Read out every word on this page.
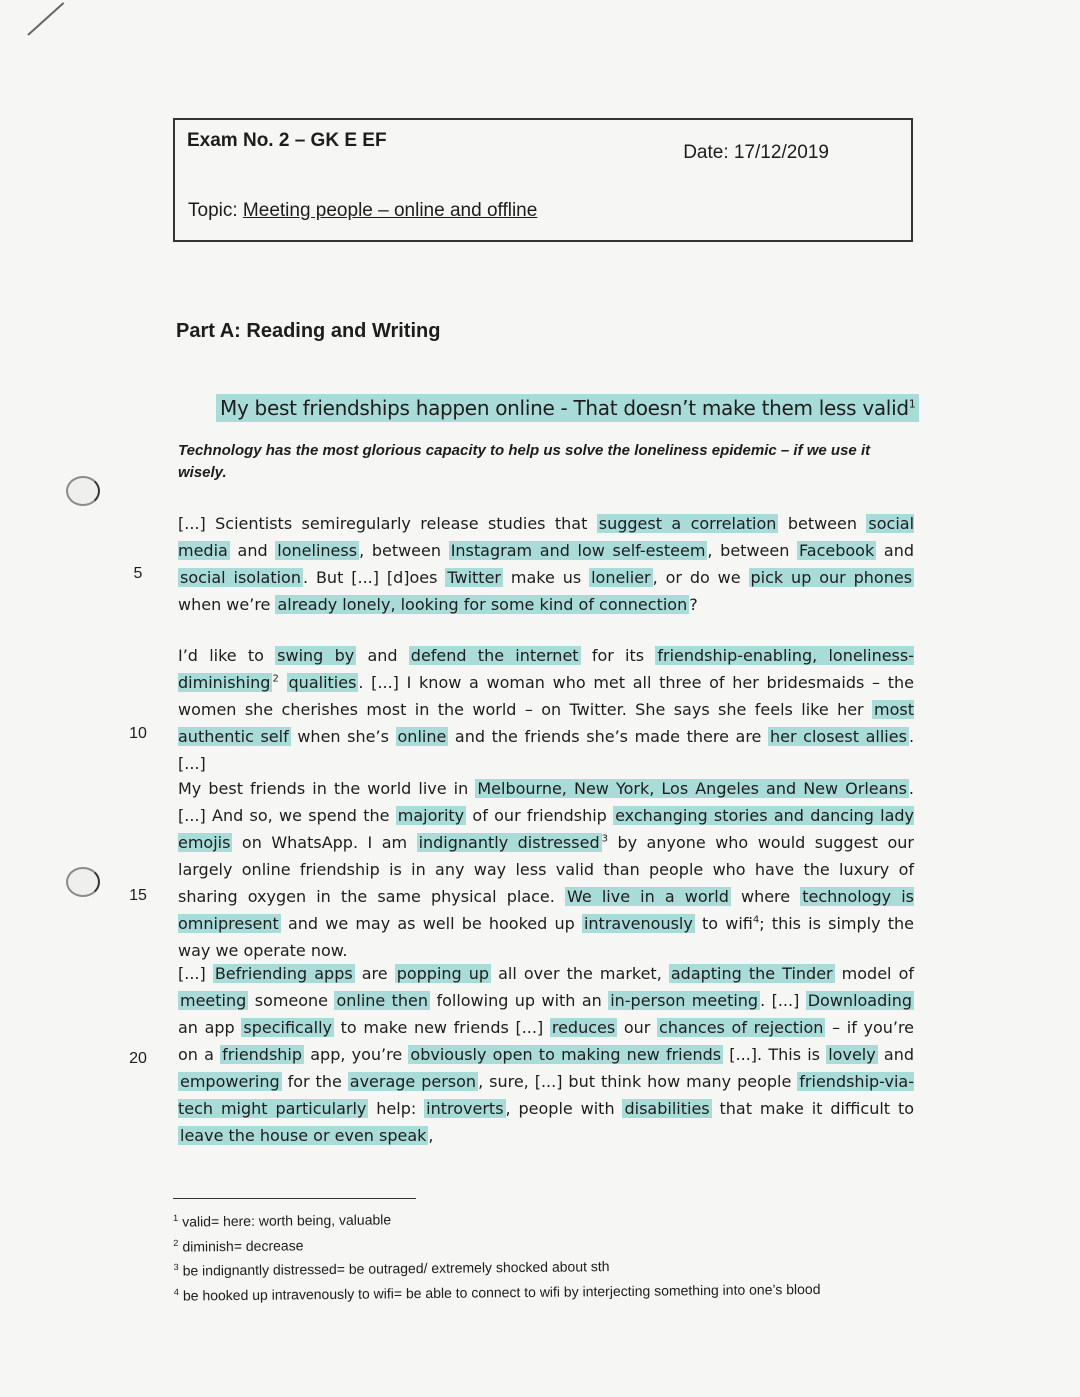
Exam No. 2 – GK E EF
Date: 17/12/2019
Topic: Meeting people – online and offline
Part A: Reading and Writing
My best friendships happen online - That doesn’t make them less valid$^1$
Technology has the most glorious capacity to help us solve the loneliness epidemic – if we use it wisely.
5
10
15
20
[...] Scientists semiregularly release studies that suggest a correlation between social media and loneliness , between Instagram and low self-esteem , between Facebook and social isolation . But [...] [d]oes Twitter make us lonelier , or do we pick up our phones when we’re already lonely, looking for some kind of connection ?
I’d like to swing by and defend the internet for its friendship-enabling, loneliness-diminishing $^2$ qualities . [...] I know a woman who met all three of her bridesmaids – the women she cherishes most in the world – on Twitter. She says she feels like her most authentic self when she’s online and the friends she’s made there are her closest allies . [...]
My best friends in the world live in Melbourne, New York, Los Angeles and New Orleans . [...] And so, we spend the majority of our friendship exchanging stories and dancing lady emojis on WhatsApp. I am indignantly distressed $^3$ by anyone who would suggest our largely online friendship is in any way less valid than people who have the luxury of sharing oxygen in the same physical place. We live in a world where technology is omnipresent and we may as well be hooked up intravenously to wifi$^4$; this is simply the way we operate now.
[...] Befriending apps are popping up all over the market, adapting the Tinder model of meeting someone online then following up with an in-person meeting . [...] Downloading an app specifically to make new friends [...] reduces our chances of rejection – if you’re on a friendship app, you’re obviously open to making new friends [...]. This is lovely and empowering for the average person , sure, [...] but think how many people friendship-via-tech might particularly help: introverts , people with disabilities that make it difficult to leave the house or even speak ,
$^1$ valid= here: worth being, valuable
$^2$ diminish= decrease
$^3$ be indignantly distressed= be outraged/ extremely shocked about sth
$^4$ be hooked up intravenously to wifi= be able to connect to wifi by interjecting something into one’s blood
